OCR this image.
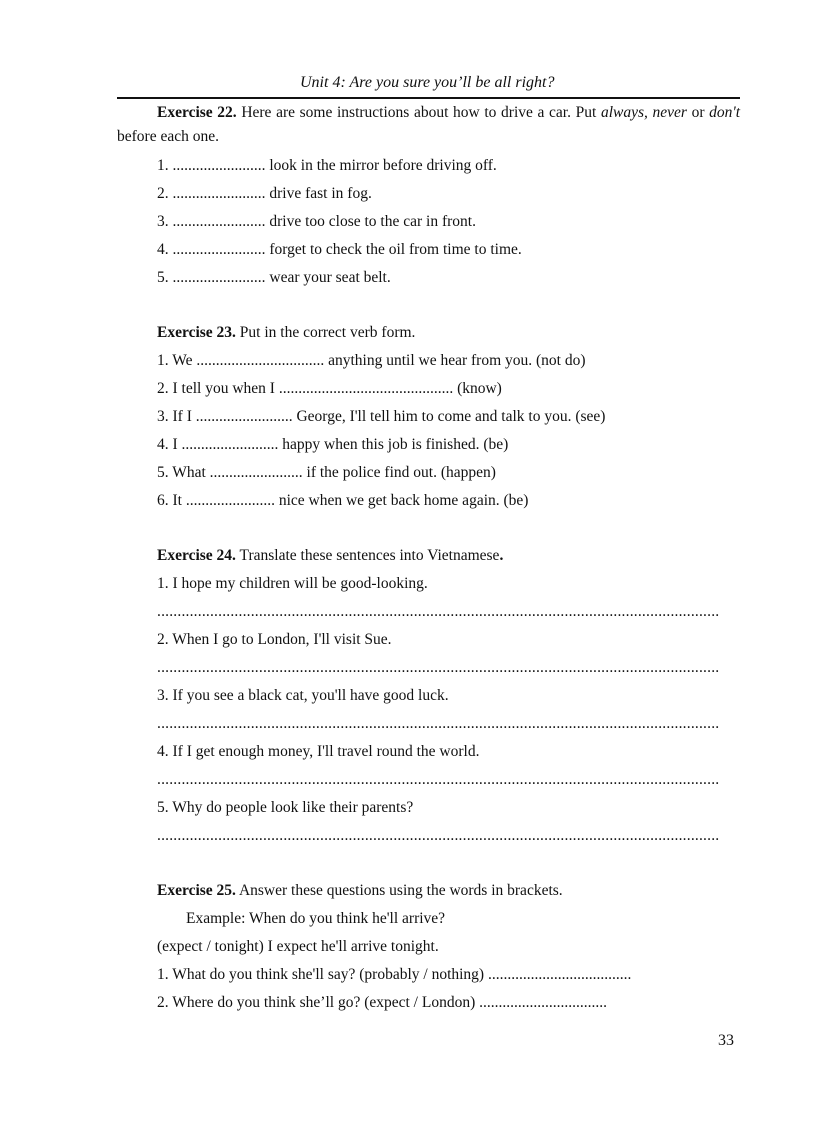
Unit 4: Are you sure you’ll be all right?
Exercise 22. Here are some instructions about how to drive a car. Put always, never or don't before each one.
1. ........................ look in the mirror before driving off.
2. ........................ drive fast in fog.
3. ........................ drive too close to the car in front.
4. ........................ forget to check the oil from time to time.
5. ........................ wear your seat belt.
Exercise 23. Put in the correct verb form.
1. We ................................. anything until we hear from you. (not do)
2. I tell you when I ............................................. (know)
3. If I ......................... George, I'll tell him to come and talk to you. (see)
4. I ......................... happy when this job is finished. (be)
5. What ........................ if the police find out. (happen)
6. It ....................... nice when we get back home again. (be)
Exercise 24. Translate these sentences into Vietnamese.
1. I hope my children will be good-looking.
..........................................................................................................................................
2. When I go to London, I'll visit Sue.
..........................................................................................................................................
3. If you see a black cat, you'll have good luck.
..........................................................................................................................................
4. If I get enough money, I'll travel round the world.
..........................................................................................................................................
5. Why do people look like their parents?
..........................................................................................................................................
Exercise 25. Answer these questions using the words in brackets.
Example: When do you think he'll arrive?
(expect / tonight) I expect he'll arrive tonight.
1. What do you think she'll say? (probably / nothing) .....................................
2. Where do you think she’ll go? (expect / London) .................................
33
